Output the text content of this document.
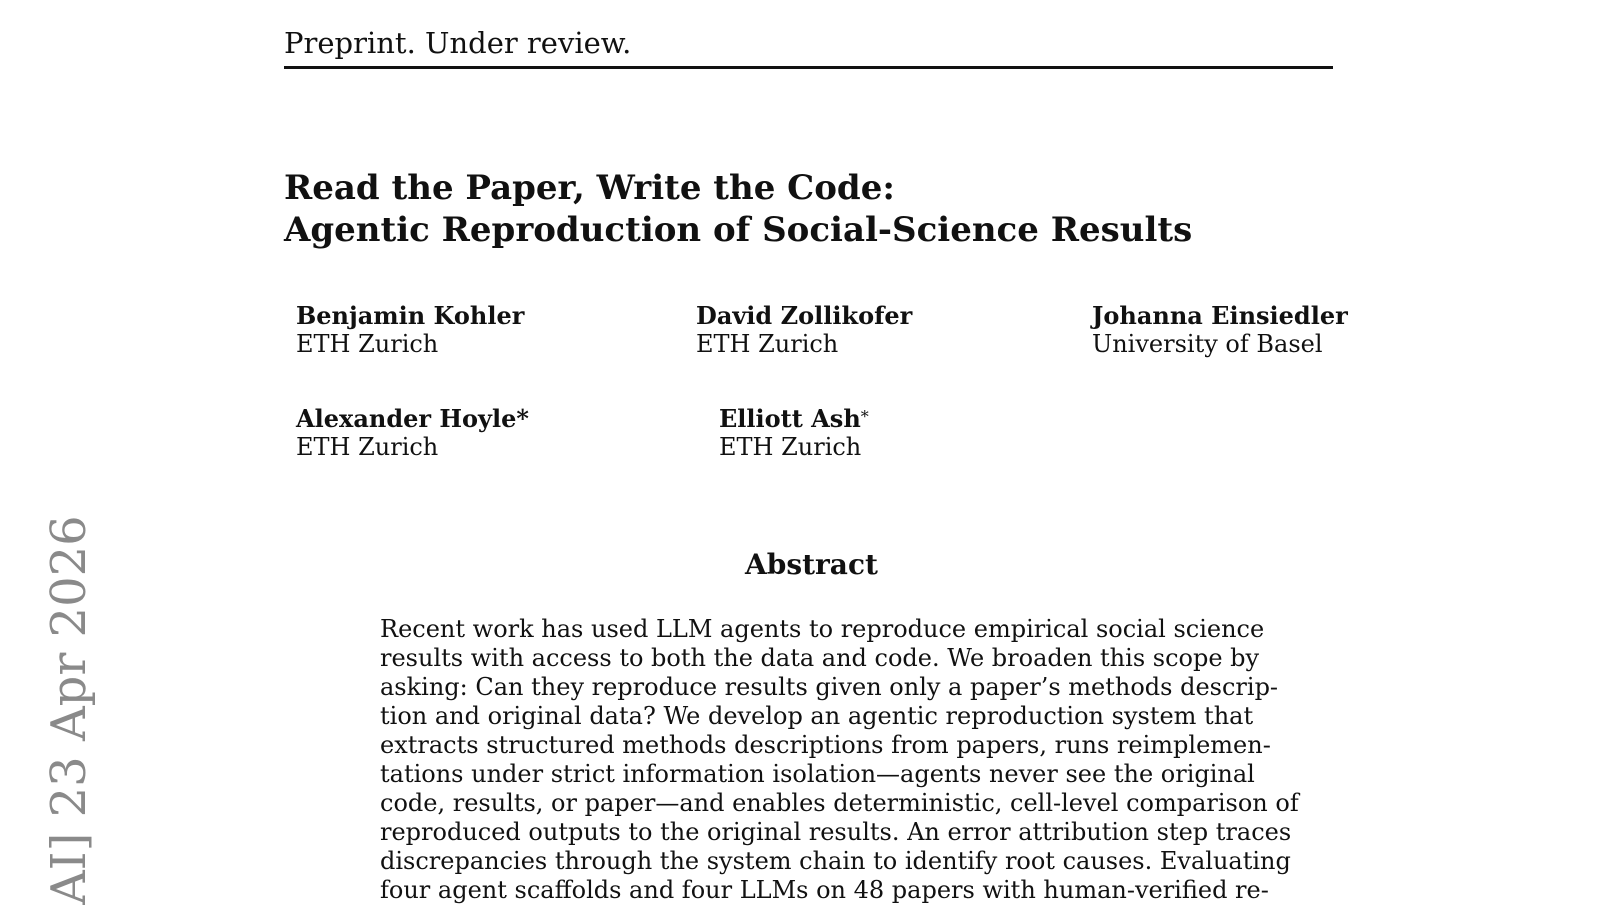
Preprint. Under review.
Read the Paper, Write the Code:
Agentic Reproduction of Social-Science Results
Benjamin Kohler
ETH Zurich
David Zollikofer
ETH Zurich
Johanna Einsiedler
University of Basel
Alexander Hoyle*
ETH Zurich
Elliott Ash*
ETH Zurich
Abstract
Recent work has used LLM agents to reproduce empirical social science
results with access to both the data and code. We broaden this scope by
asking: Can they reproduce results given only a paper’s methods descrip-
tion and original data? We develop an agentic reproduction system that
extracts structured methods descriptions from papers, runs reimplemen-
tations under strict information isolation—agents never see the original
code, results, or paper—and enables deterministic, cell-level comparison of
reproduced outputs to the original results. An error attribution step traces
discrepancies through the system chain to identify root causes. Evaluating
four agent scaffolds and four LLMs on 48 papers with human-verified re-
AI] 23 Apr 2026
